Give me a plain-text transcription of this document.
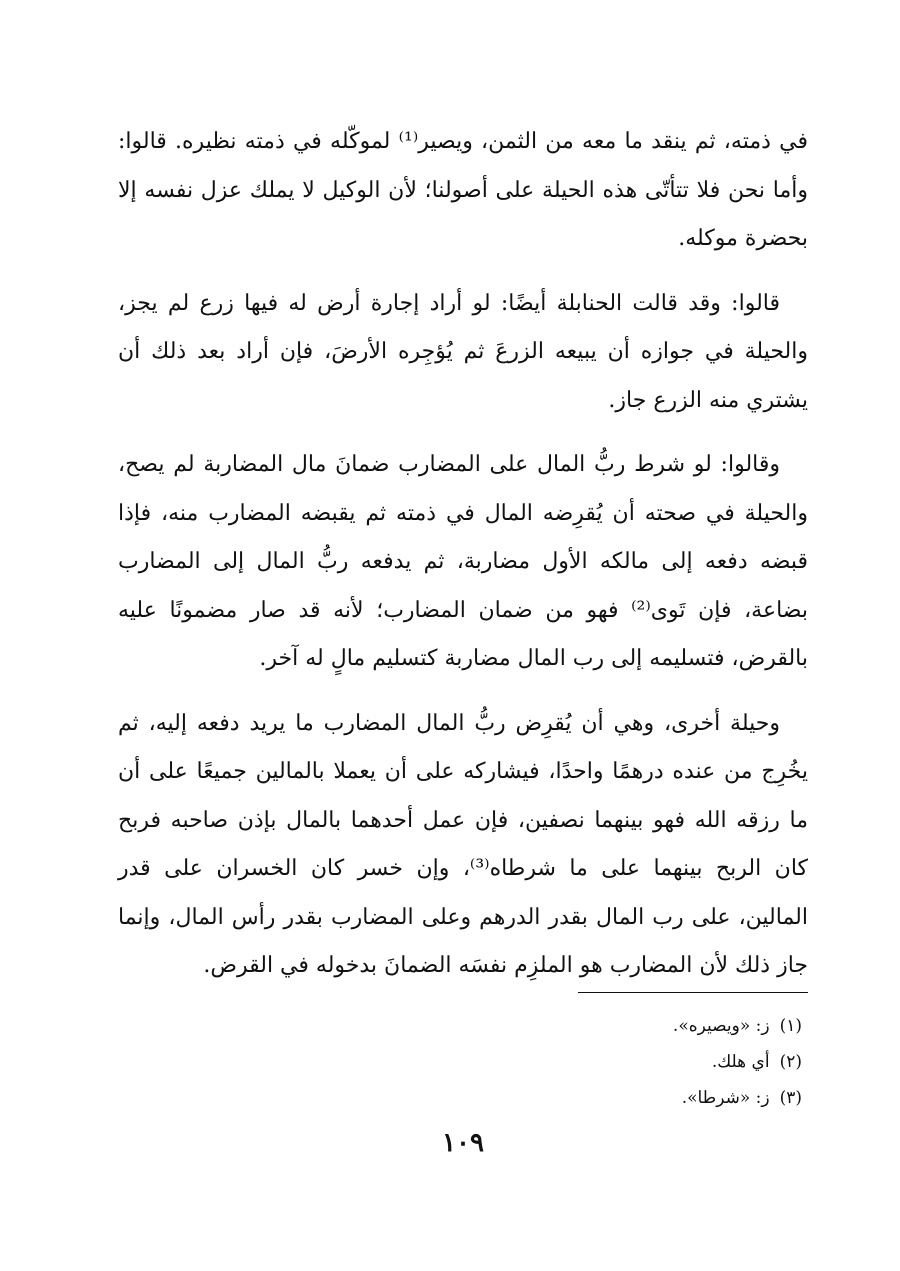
في ذمته، ثم ينقد ما معه من الثمن، ويصير⁽¹⁾ لموكّله في ذمته نظيره. قالوا: وأما نحن فلا تتأتّى هذه الحيلة على أصولنا؛ لأن الوكيل لا يملك عزل نفسه إلا بحضرة موكله.

قالوا: وقد قالت الحنابلة أيضًا: لو أراد إجارة أرض له فيها زرع لم يجز، والحيلة في جوازه أن يبيعه الزرعَ ثم يُؤجِره الأرضَ، فإن أراد بعد ذلك أن يشتري منه الزرع جاز.

وقالوا: لو شرط ربُّ المال على المضارب ضمانَ مال المضاربة لم يصح، والحيلة في صحته أن يُقرِضه المال في ذمته ثم يقبضه المضارب منه، فإذا قبضه دفعه إلى مالكه الأول مضاربة، ثم يدفعه ربُّ المال إلى المضارب بضاعة، فإن تَوى⁽²⁾ فهو من ضمان المضارب؛ لأنه قد صار مضمونًا عليه بالقرض، فتسليمه إلى رب المال مضاربة كتسليم مالٍ له آخر.

وحيلة أخرى، وهي أن يُقرِض ربُّ المال المضارب ما يريد دفعه إليه، ثم يخُرِج من عنده درهمًا واحدًا، فيشاركه على أن يعملا بالمالين جميعًا على أن ما رزقه الله فهو بينهما نصفين، فإن عمل أحدهما بالمال بإذن صاحبه فربح كان الربح بينهما على ما شرطاه⁽³⁾، وإن خسر كان الخسران على قدر المالين، على رب المال بقدر الدرهم وعلى المضارب بقدر رأس المال، وإنما جاز ذلك لأن المضارب هو الملزِم نفسَه الضمانَ بدخوله في القرض.

(١)ز: «ويصيره».
(٢)أي هلك.
(٣)ز: «شرطا».
١٠٩
